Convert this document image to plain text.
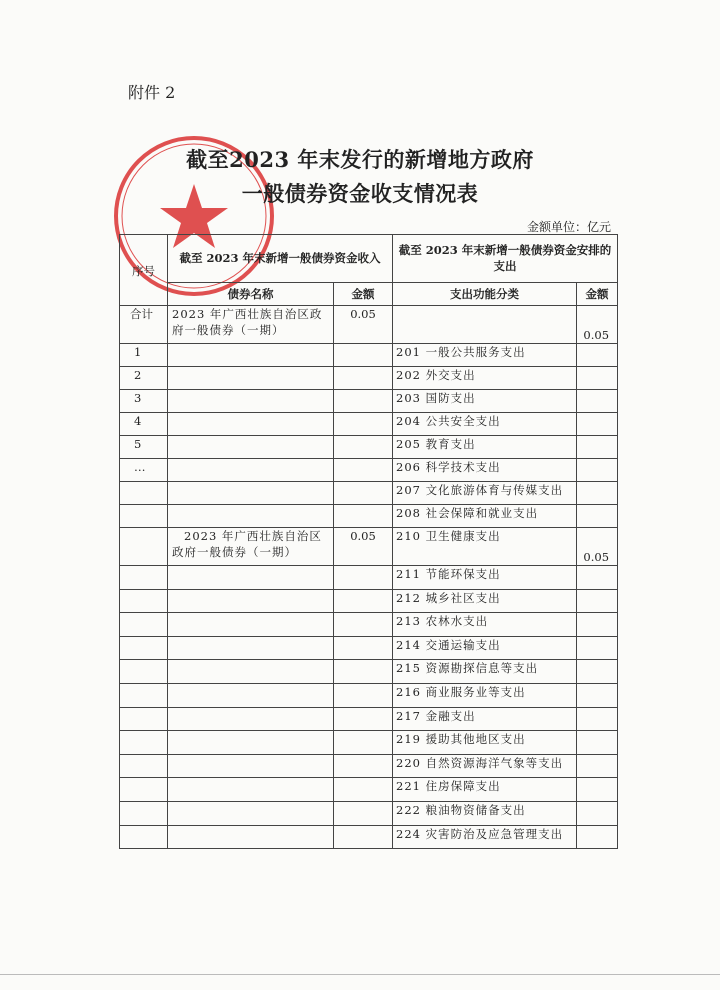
附件 2
截至2023 年末发行的新增地方政府
一般债券资金收支情况表
金额单位：亿元
序号	截至 2023 年末新增一般债券资金收入		截至 2023 年末新增一般债券资金安排的支出	
	债券名称	金额	支出功能分类	金额
合计	2023 年广西壮族自治区政府一般债券（一期）	0.05		0.05
1			201 一般公共服务支出	
2			202 外交支出	
3			203 国防支出	
4			204 公共安全支出	
5			205 教育支出	
…			206 科学技术支出	
			207 文化旅游体育与传媒支出	
			208 社会保障和就业支出	
	2023 年广西壮族自治区政府一般债券（一期）	0.05	210 卫生健康支出	0.05
			211 节能环保支出	
			212 城乡社区支出	
			213 农林水支出	
			214 交通运输支出	
			215 资源勘探信息等支出	
			216 商业服务业等支出	
			217 金融支出	
			219 援助其他地区支出	
			220 自然资源海洋气象等支出	
			221 住房保障支出	
			222 粮油物资储备支出	
			224 灾害防治及应急管理支出	
